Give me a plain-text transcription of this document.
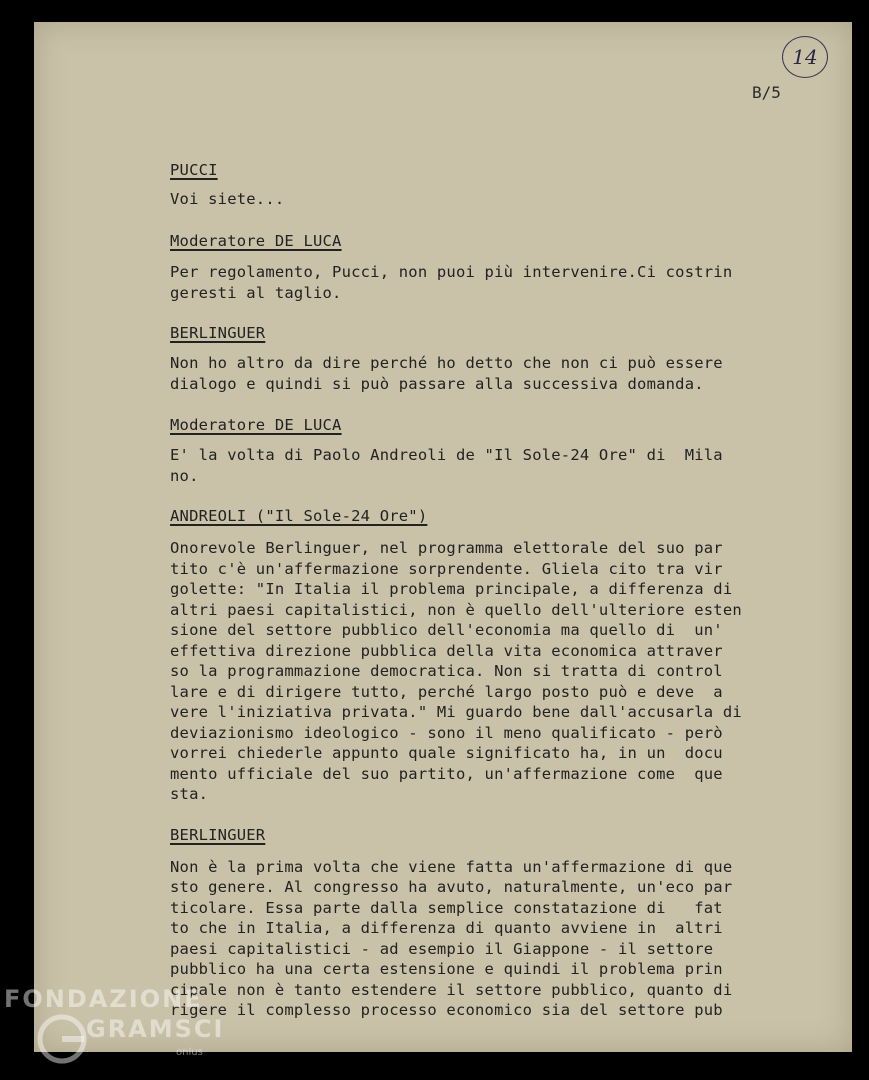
14
B/5
PUCCI
Voi siete...
Moderatore DE LUCA
Per regolamento, Pucci, non puoi più intervenire.Ci costrin
geresti al taglio.
BERLINGUER
Non ho altro da dire perché ho detto che non ci può essere
dialogo e quindi si può passare alla successiva domanda.
Moderatore DE LUCA
E' la volta di Paolo Andreoli de "Il Sole-24 Ore" di  Mila
no.
ANDREOLI ("Il Sole-24 Ore")
Onorevole Berlinguer, nel programma elettorale del suo par
tito c'è un'affermazione sorprendente. Gliela cito tra vir
golette: "In Italia il problema principale, a differenza di
altri paesi capitalistici, non è quello dell'ulteriore esten
sione del settore pubblico dell'economia ma quello di  un'
effettiva direzione pubblica della vita economica attraver
so la programmazione democratica. Non si tratta di control
lare e di dirigere tutto, perché largo posto può e deve  a
vere l'iniziativa privata." Mi guardo bene dall'accusarla di
deviazionismo ideologico - sono il meno qualificato - però
vorrei chiederle appunto quale significato ha, in un  docu
mento ufficiale del suo partito, un'affermazione come  que
sta.
BERLINGUER
Non è la prima volta che viene fatta un'affermazione di que
sto genere. Al congresso ha avuto, naturalmente, un'eco par
ticolare. Essa parte dalla semplice constatazione di   fat
to che in Italia, a differenza di quanto avviene in  altri
paesi capitalistici - ad esempio il Giappone - il settore
pubblico ha una certa estensione e quindi il problema prin
cipale non è tanto estendere il settore pubblico, quanto di
rigere il complesso processo economico sia del settore pub
FONDAZIONE
GRAMSCI
onlus
